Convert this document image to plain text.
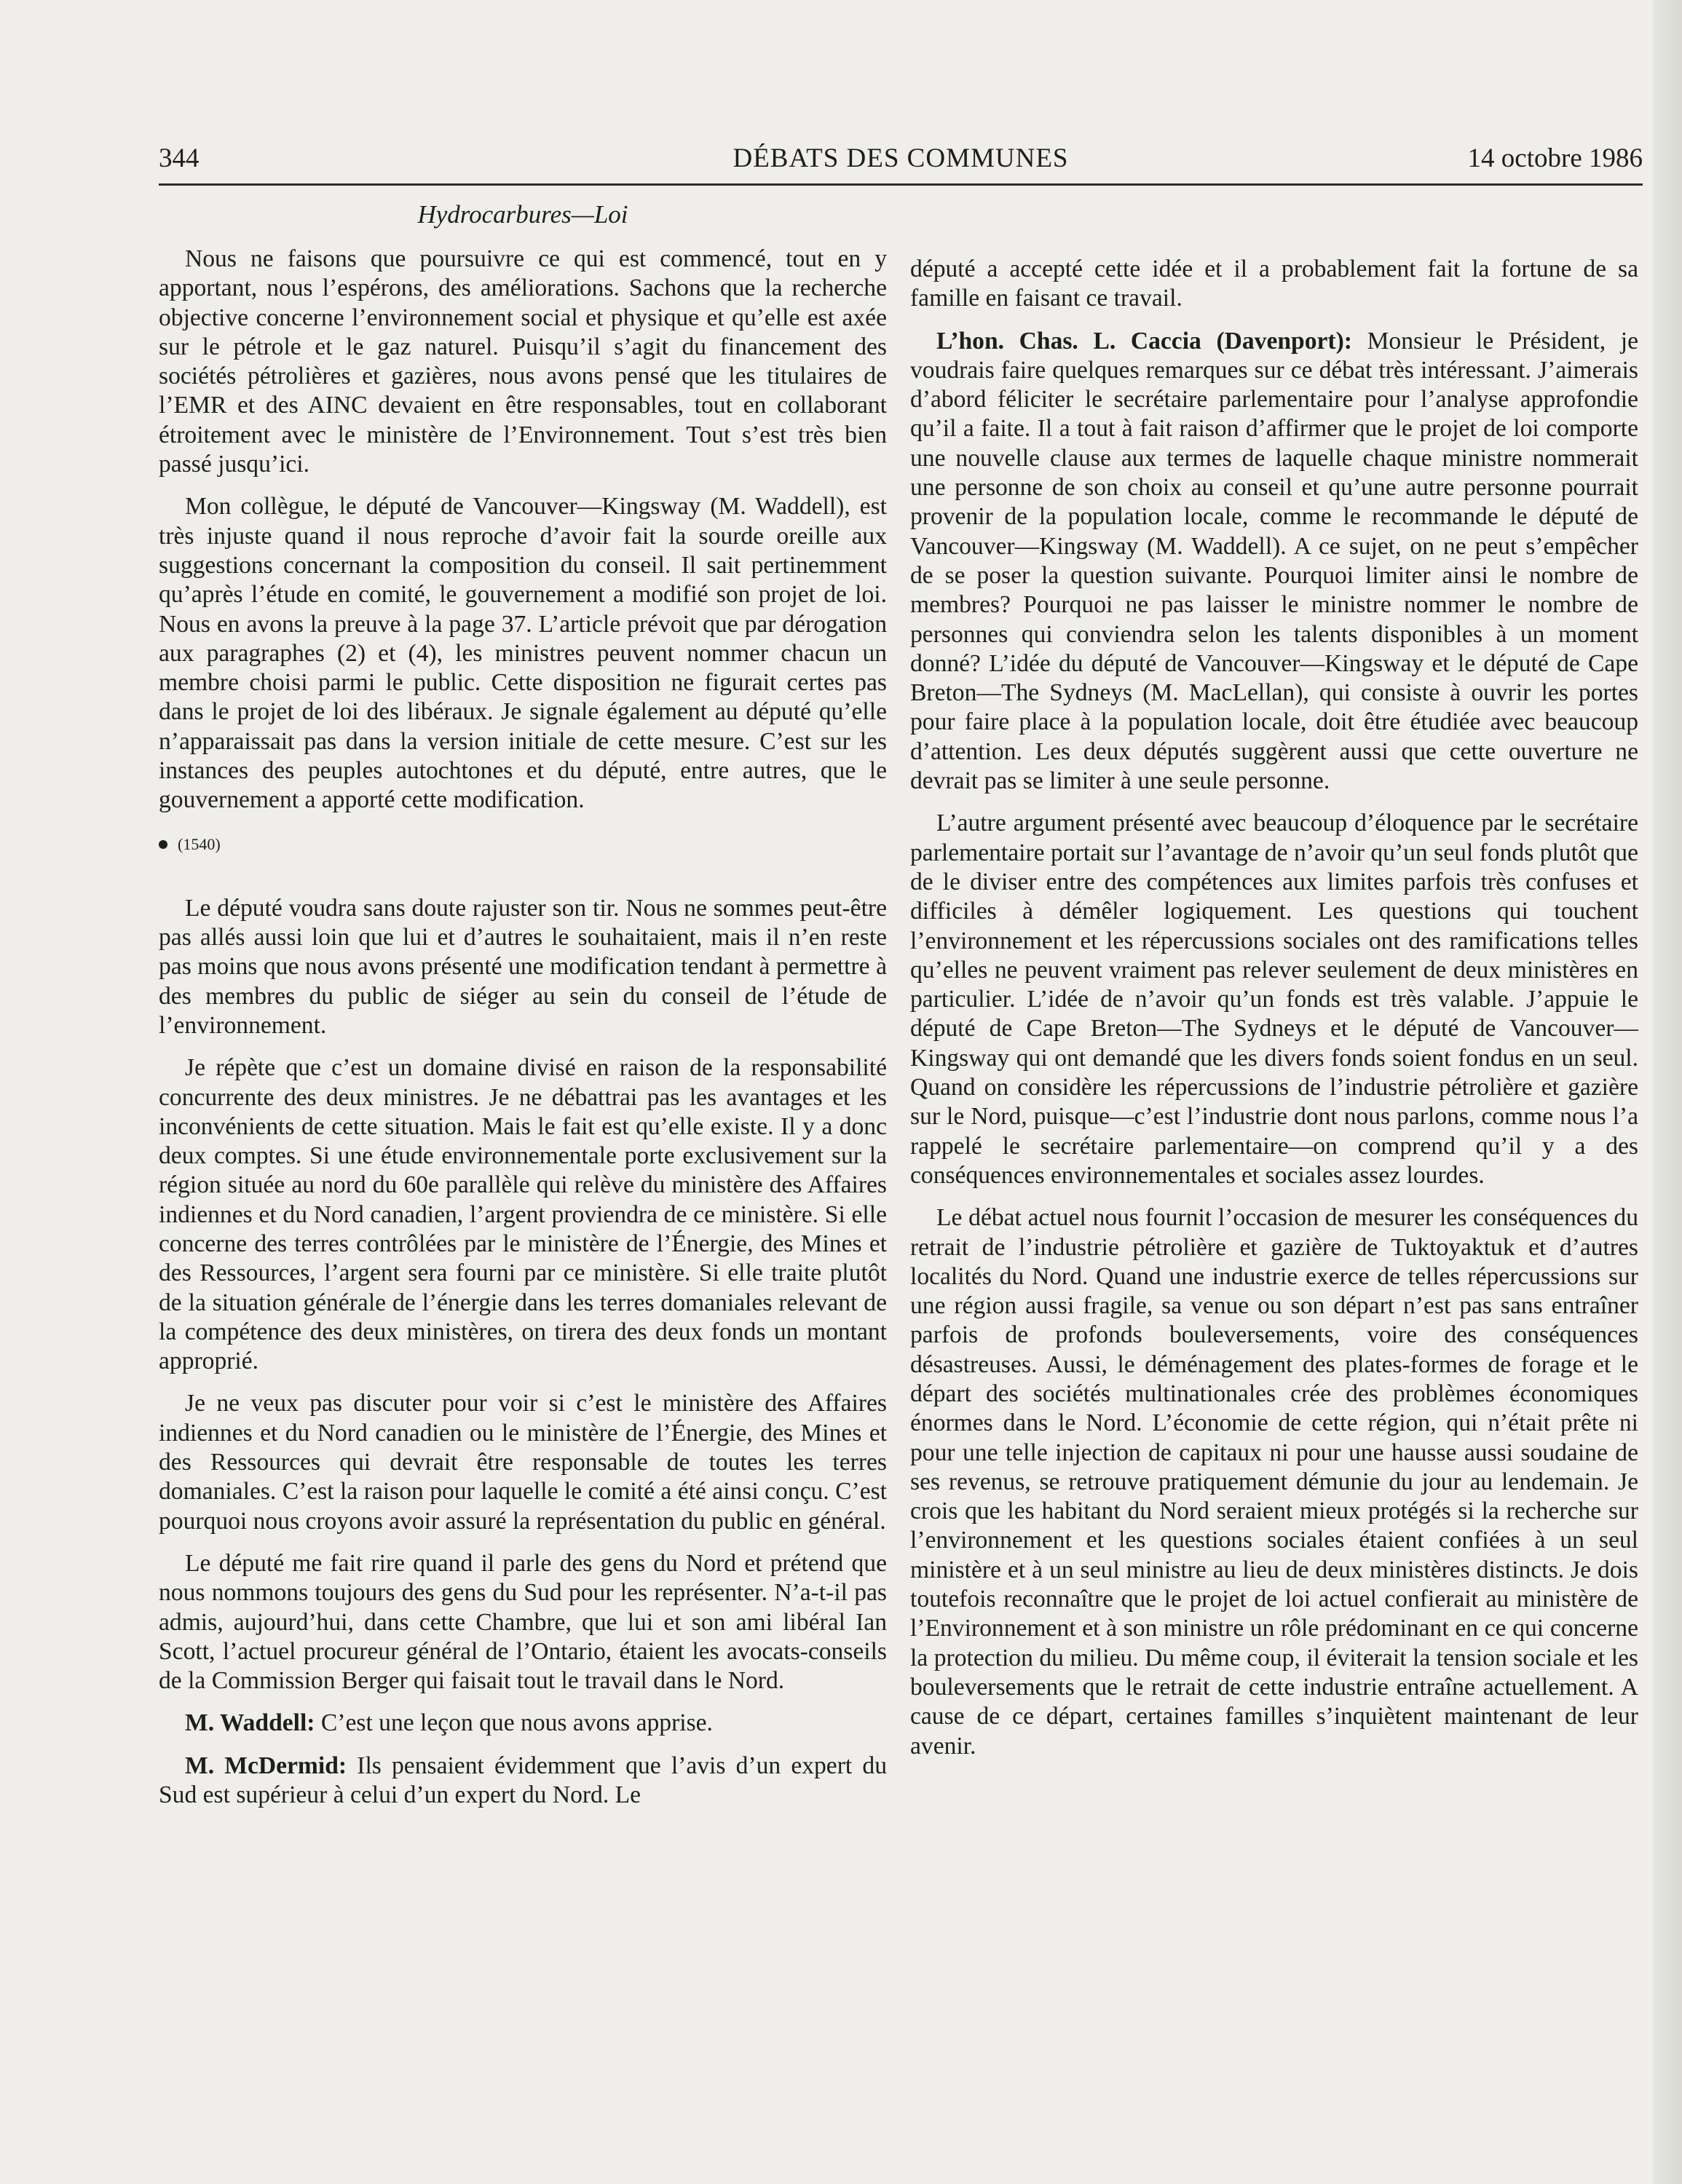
344	DÉBATS DES COMMUNES	14 octobre 1986
Hydrocarbures—Loi

Nous ne faisons que poursuivre ce qui est commencé, tout en y apportant, nous l’espérons, des améliorations. Sachons que la recherche objective concerne l’environnement social et physique et qu’elle est axée sur le pétrole et le gaz naturel. Puisqu’il s’agit du financement des sociétés pétrolières et gazières, nous avons pensé que les titulaires de l’EMR et des AINC devaient en être responsables, tout en collaborant étroitement avec le ministère de l’Environnement. Tout s’est très bien passé jusqu’ici.

Mon collègue, le député de Vancouver—Kingsway (M. Waddell), est très injuste quand il nous reproche d’avoir fait la sourde oreille aux suggestions concernant la composition du conseil. Il sait pertinemment qu’après l’étude en comité, le gouvernement a modifié son projet de loi. Nous en avons la preuve à la page 37. L’article prévoit que par dérogation aux paragraphes (2) et (4), les ministres peuvent nommer chacun un membre choisi parmi le public. Cette disposition ne figurait certes pas dans le projet de loi des libéraux. Je signale également au député qu’elle n’apparaissait pas dans la version initiale de cette mesure. C’est sur les instances des peuples autochtones et du député, entre autres, que le gouvernement a apporté cette modification.

(1540)

Le député voudra sans doute rajuster son tir. Nous ne sommes peut-être pas allés aussi loin que lui et d’autres le souhaitaient, mais il n’en reste pas moins que nous avons présenté une modification tendant à permettre à des membres du public de siéger au sein du conseil de l’étude de l’environnement.

Je répète que c’est un domaine divisé en raison de la responsabilité concurrente des deux ministres. Je ne débattrai pas les avantages et les inconvénients de cette situation. Mais le fait est qu’elle existe. Il y a donc deux comptes. Si une étude environnementale porte exclusivement sur la région située au nord du 60e parallèle qui relève du ministère des Affaires indiennes et du Nord canadien, l’argent proviendra de ce ministère. Si elle concerne des terres contrôlées par le ministère de l’Énergie, des Mines et des Ressources, l’argent sera fourni par ce ministère. Si elle traite plutôt de la situation générale de l’énergie dans les terres domaniales relevant de la compétence des deux ministères, on tirera des deux fonds un montant approprié.

Je ne veux pas discuter pour voir si c’est le ministère des Affaires indiennes et du Nord canadien ou le ministère de l’Énergie, des Mines et des Ressources qui devrait être responsable de toutes les terres domaniales. C’est la raison pour laquelle le comité a été ainsi conçu. C’est pourquoi nous croyons avoir assuré la représentation du public en général.

Le député me fait rire quand il parle des gens du Nord et prétend que nous nommons toujours des gens du Sud pour les représenter. N’a-t-il pas admis, aujourd’hui, dans cette Chambre, que lui et son ami libéral Ian Scott, l’actuel procureur général de l’Ontario, étaient les avocats-conseils de la Commission Berger qui faisait tout le travail dans le Nord.

M. Waddell: C’est une leçon que nous avons apprise.

M. McDermid: Ils pensaient évidemment que l’avis d’un expert du Sud est supérieur à celui d’un expert du Nord. Le

député a accepté cette idée et il a probablement fait la fortune de sa famille en faisant ce travail.

L’hon. Chas. L. Caccia (Davenport): Monsieur le Président, je voudrais faire quelques remarques sur ce débat très intéressant. J’aimerais d’abord féliciter le secrétaire parlementaire pour l’analyse approfondie qu’il a faite. Il a tout à fait raison d’affirmer que le projet de loi comporte une nouvelle clause aux termes de laquelle chaque ministre nommerait une personne de son choix au conseil et qu’une autre personne pourrait provenir de la population locale, comme le recommande le député de Vancouver—Kingsway (M. Waddell). A ce sujet, on ne peut s’empêcher de se poser la question suivante. Pourquoi limiter ainsi le nombre de membres? Pourquoi ne pas laisser le ministre nommer le nombre de personnes qui conviendra selon les talents disponibles à un moment donné? L’idée du député de Vancouver—Kingsway et le député de Cape Breton—The Sydneys (M. MacLellan), qui consiste à ouvrir les portes pour faire place à la population locale, doit être étudiée avec beaucoup d’attention. Les deux députés suggèrent aussi que cette ouverture ne devrait pas se limiter à une seule personne.

L’autre argument présenté avec beaucoup d’éloquence par le secrétaire parlementaire portait sur l’avantage de n’avoir qu’un seul fonds plutôt que de le diviser entre des compétences aux limites parfois très confuses et difficiles à démêler logiquement. Les questions qui touchent l’environnement et les répercussions sociales ont des ramifications telles qu’elles ne peuvent vraiment pas relever seulement de deux ministères en particulier. L’idée de n’avoir qu’un fonds est très valable. J’appuie le député de Cape Breton—The Sydneys et le député de Vancouver—Kingsway qui ont demandé que les divers fonds soient fondus en un seul. Quand on considère les répercussions de l’industrie pétrolière et gazière sur le Nord, puisque—c’est l’industrie dont nous parlons, comme nous l’a rappelé le secrétaire parlementaire—on comprend qu’il y a des conséquences environnementales et sociales assez lourdes.

Le débat actuel nous fournit l’occasion de mesurer les conséquences du retrait de l’industrie pétrolière et gazière de Tuktoyaktuk et d’autres localités du Nord. Quand une industrie exerce de telles répercussions sur une région aussi fragile, sa venue ou son départ n’est pas sans entraîner parfois de profonds bouleversements, voire des conséquences désastreuses. Aussi, le déménagement des plates-formes de forage et le départ des sociétés multinationales crée des problèmes économiques énormes dans le Nord. L’économie de cette région, qui n’était prête ni pour une telle injection de capitaux ni pour une hausse aussi soudaine de ses revenus, se retrouve pratiquement démunie du jour au lendemain. Je crois que les habitant du Nord seraient mieux protégés si la recherche sur l’environnement et les questions sociales étaient confiées à un seul ministère et à un seul ministre au lieu de deux ministères distincts. Je dois toutefois reconnaître que le projet de loi actuel confierait au ministère de l’Environnement et à son ministre un rôle prédominant en ce qui concerne la protection du milieu. Du même coup, il éviterait la tension sociale et les bouleversements que le retrait de cette industrie entraîne actuellement. A cause de ce départ, certaines familles s’inquiètent maintenant de leur avenir.
